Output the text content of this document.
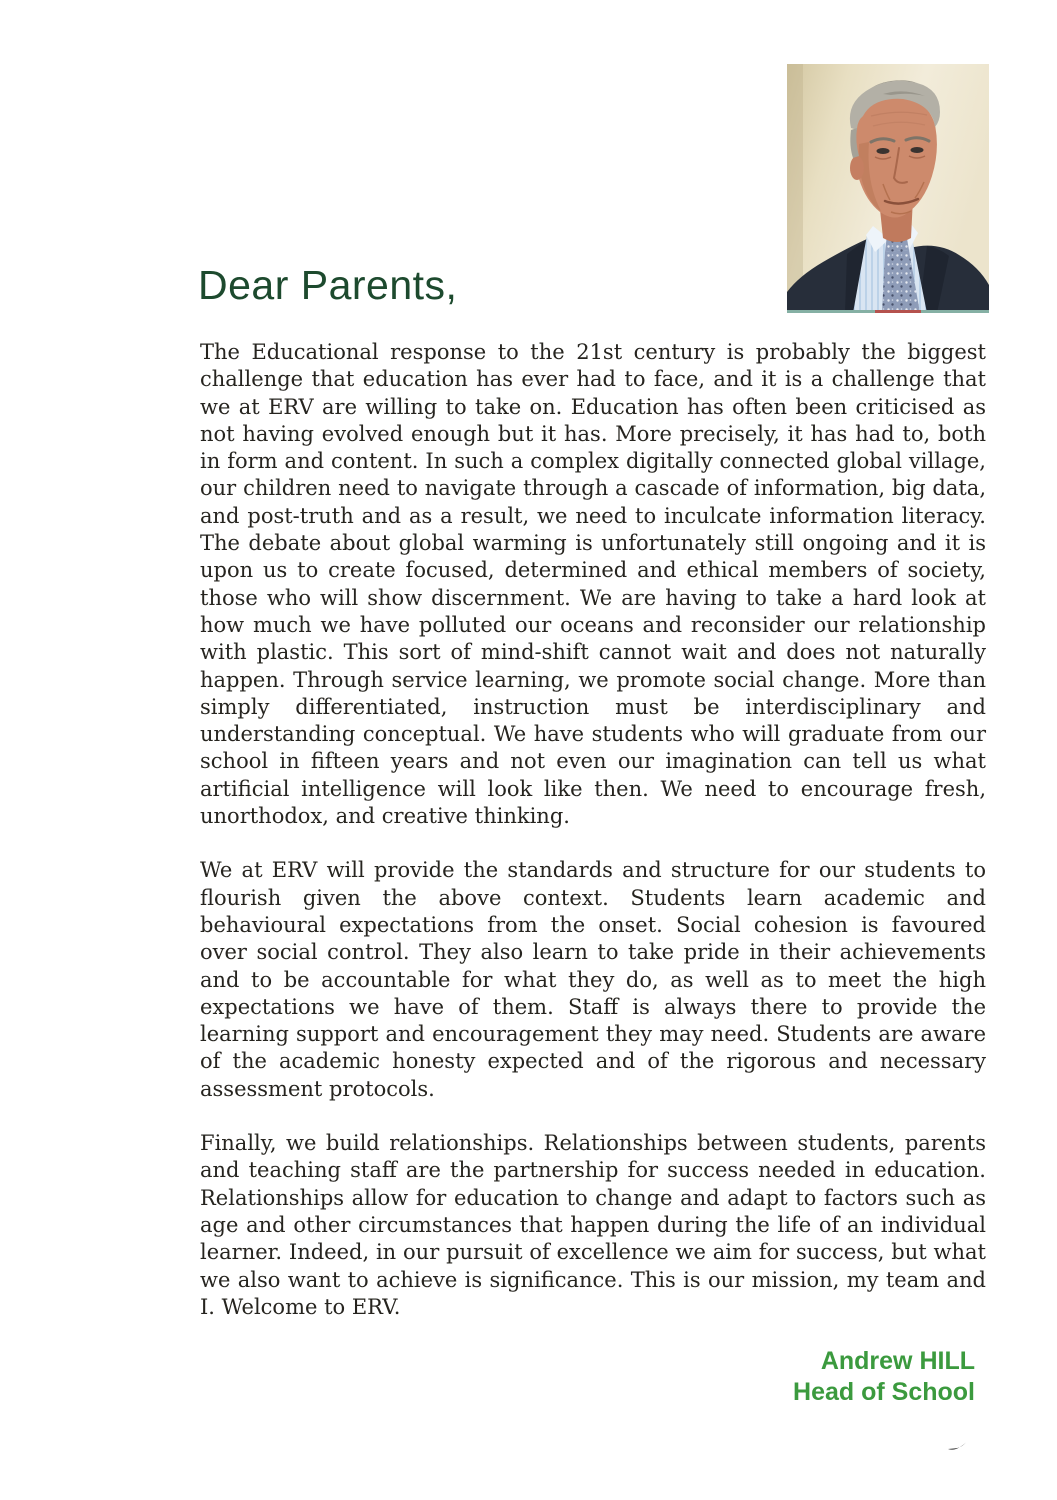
Dear Parents,

The Educational response to the 21st century is probably the biggest challenge that education has ever had to face, and it is a challenge that we at ERV are willing to take on. Education has often been criticised as not having evolved enough but it has. More precisely, it has had to, both in form and content. In such a complex digitally connected global village, our children need to navigate through a cascade of information, big data, and post-truth and as a result, we need to inculcate information literacy. The debate about global warming is unfortunately still ongoing and it is upon us to create focused, determined and ethical members of society, those who will show discernment. We are having to take a hard look at how much we have polluted our oceans and reconsider our relationship with plastic. This sort of mind-shift cannot wait and does not naturally happen. Through service learning, we promote social change. More than simply differentiated, instruction must be interdisciplinary and understanding conceptual. We have students who will graduate from our school in fifteen years and not even our imagination can tell us what artificial intelligence will look like then. We need to encourage fresh, unorthodox, and creative thinking.

We at ERV will provide the standards and structure for our students to flourish given the above context. Students learn academic and behavioural expectations from the onset. Social cohesion is favoured over social control. They also learn to take pride in their achievements and to be accountable for what they do, as well as to meet the high expectations we have of them. Staff is always there to provide the learning support and encouragement they may need. Students are aware of the academic honesty expected and of the rigorous and necessary assessment protocols.

Finally, we build relationships. Relationships between students, parents and teaching staff are the partnership for success needed in education. Relationships allow for education to change and adapt to factors such as age and other circumstances that happen during the life of an individual learner. Indeed, in our pursuit of excellence we aim for success, but what we also want to achieve is significance. This is our mission, my team and I. Welcome to ERV.

Andrew HILL
Head of School
